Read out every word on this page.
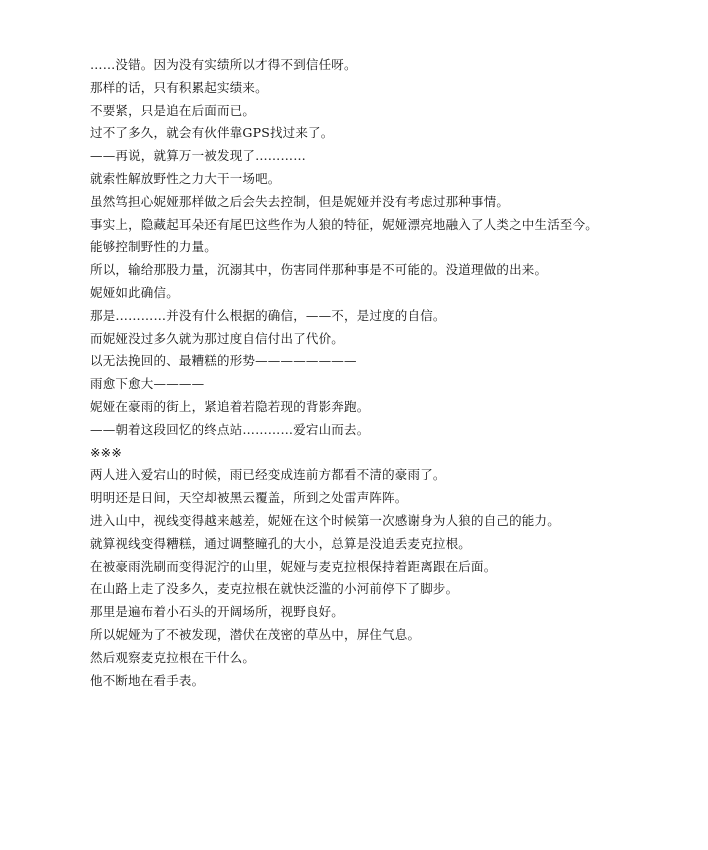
……没错。因为没有实绩所以才得不到信任呀。

那样的话，只有积累起实绩来。

不要紧，只是追在后面而已。

过不了多久，就会有伙伴靠GPS找过来了。

——再说，就算万一被发现了…………

就索性解放野性之力大干一场吧。

虽然笃担心妮娅那样做之后会失去控制，但是妮娅并没有考虑过那种事情。

事实上，隐藏起耳朵还有尾巴这些作为人狼的特征，妮娅漂亮地融入了人类之中生活至今。

能够控制野性的力量。

所以，输给那股力量，沉溺其中，伤害同伴那种事是不可能的。没道理做的出来。

妮娅如此确信。

那是…………并没有什么根据的确信，——不，是过度的自信。

而妮娅没过多久就为那过度自信付出了代价。

以无法挽回的、最糟糕的形势————————

雨愈下愈大————

妮娅在豪雨的街上，紧追着若隐若现的背影奔跑。

——朝着这段回忆的终点站…………爱宕山而去。

※※※

两人进入爱宕山的时候，雨已经变成连前方都看不清的豪雨了。

明明还是日间，天空却被黑云覆盖，所到之处雷声阵阵。

进入山中，视线变得越来越差，妮娅在这个时候第一次感谢身为人狼的自己的能力。

就算视线变得糟糕，通过调整瞳孔的大小，总算是没追丢麦克拉根。

在被豪雨洗刷而变得泥泞的山里，妮娅与麦克拉根保持着距离跟在后面。

在山路上走了没多久，麦克拉根在就快泛滥的小河前停下了脚步。

那里是遍布着小石头的开阔场所，视野良好。

所以妮娅为了不被发现，潜伏在茂密的草丛中，屏住气息。

然后观察麦克拉根在干什么。

他不断地在看手表。
